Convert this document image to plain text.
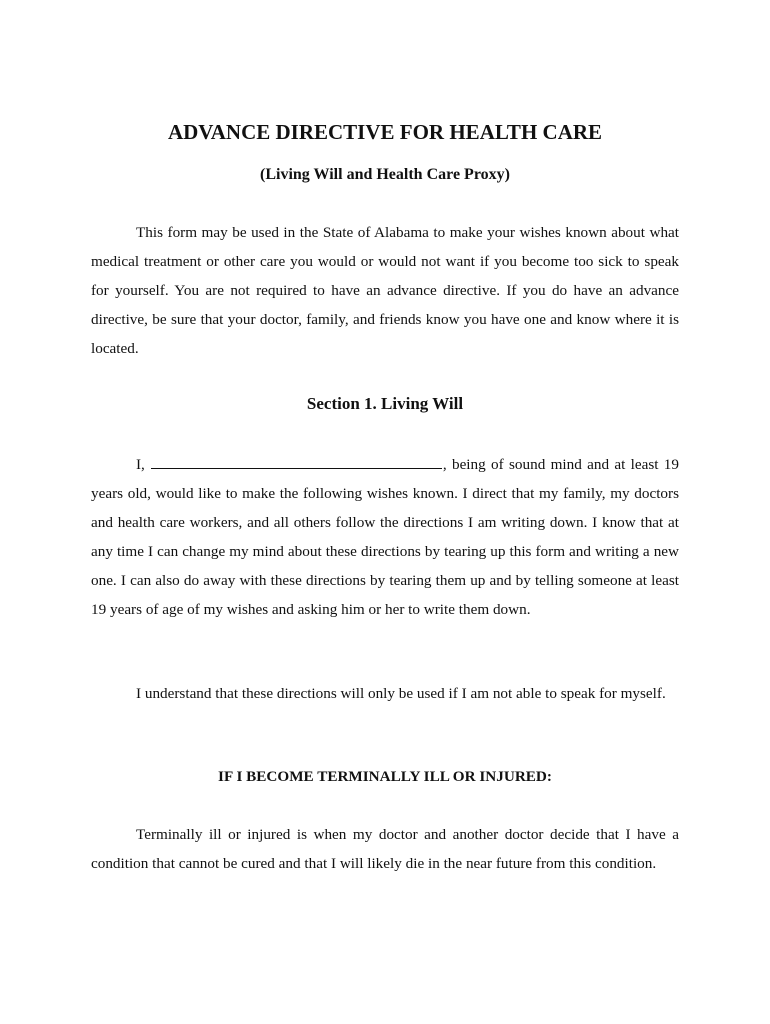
ADVANCE DIRECTIVE FOR HEALTH CARE
(Living Will and Health Care Proxy)

This form may be used in the State of Alabama to make your wishes known about what medical treatment or other care you would or would not want if you become too sick to speak for yourself. You are not required to have an advance directive. If you do have an advance directive, be sure that your doctor, family, and friends know you have one and know where it is located.

Section 1. Living Will

I,	, being of sound mind and at least 19 years old, would like to make the following wishes known. I direct that my family, my doctors and health care workers, and all others follow the directions I am writing down. I know that at any time I can change my mind about these directions by tearing up this form and writing a new one. I can also do away with these directions by tearing them up and by telling someone at least 19 years of age of my wishes and asking him or her to write them down.

I understand that these directions will only be used if I am not able to speak for myself.

IF I BECOME TERMINALLY ILL OR INJURED:

Terminally ill or injured is when my doctor and another doctor decide that I have a condition that cannot be cured and that I will likely die in the near future from this condition.
